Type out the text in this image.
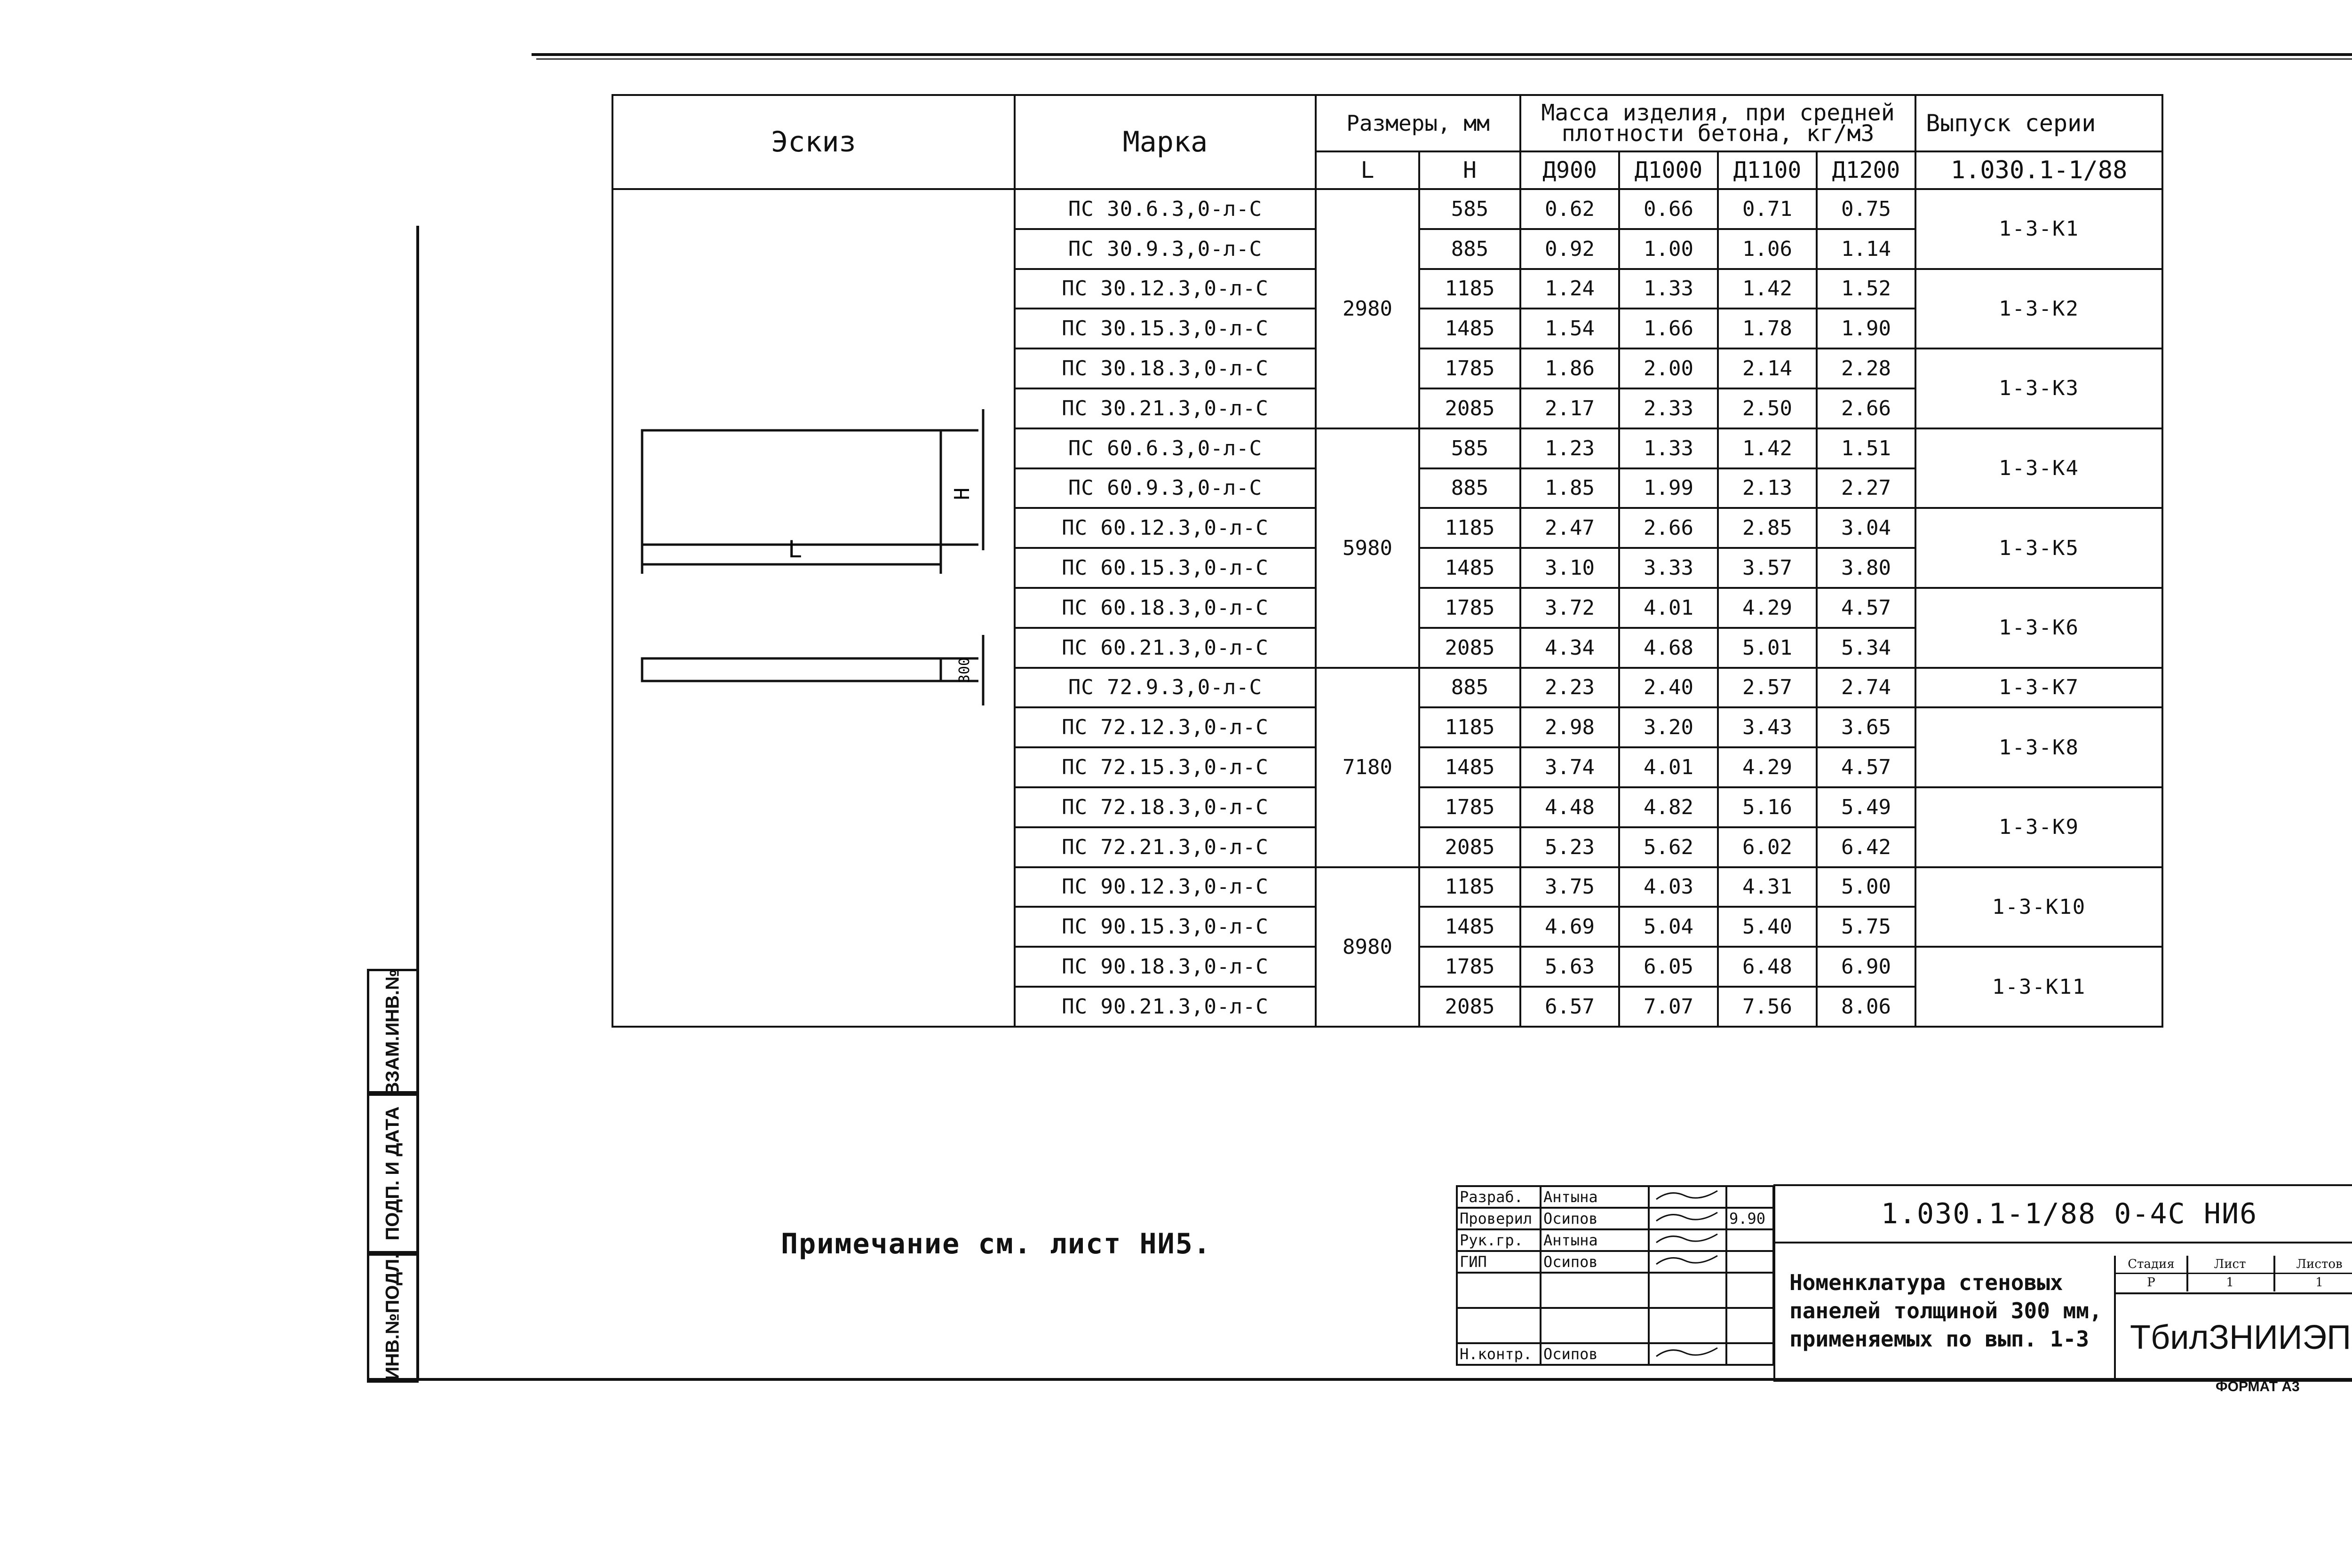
Эскиз	Марка	Размеры, мм		Масса изделия, при средней плотности бетона, кг/м3				Выпуск серии
		L	H	Д900	Д1000	Д1100	Д1200	1.030.1-1/88
	ПС 30.6.3,0-л-С	2980	585	0.62	0.66	0.71	0.75	1-3-К1
	ПС 30.9.3,0-л-С		885	0.92	1.00	1.06	1.14	
	ПС 30.12.3,0-л-С		1185	1.24	1.33	1.42	1.52	1-3-К2
	ПС 30.15.3,0-л-С		1485	1.54	1.66	1.78	1.90	
	ПС 30.18.3,0-л-С		1785	1.86	2.00	2.14	2.28	1-3-К3
	ПС 30.21.3,0-л-С		2085	2.17	2.33	2.50	2.66	
	ПС 60.6.3,0-л-С	5980	585	1.23	1.33	1.42	1.51	1-3-К4
	ПС 60.9.3,0-л-С		885	1.85	1.99	2.13	2.27	
	ПС 60.12.3,0-л-С		1185	2.47	2.66	2.85	3.04	1-3-К5
	ПС 60.15.3,0-л-С		1485	3.10	3.33	3.57	3.80	
	ПС 60.18.3,0-л-С		1785	3.72	4.01	4.29	4.57	1-3-К6
	ПС 60.21.3,0-л-С		2085	4.34	4.68	5.01	5.34	
	ПС 72.9.3,0-л-С	7180	885	2.23	2.40	2.57	2.74	1-3-К7
	ПС 72.12.3,0-л-С		1185	2.98	3.20	3.43	3.65	1-3-К8
	ПС 72.15.3,0-л-С		1485	3.74	4.01	4.29	4.57	
	ПС 72.18.3,0-л-С		1785	4.48	4.82	5.16	5.49	1-3-К9
	ПС 72.21.3,0-л-С		2085	5.23	5.62	6.02	6.42	
	ПС 90.12.3,0-л-С	8980	1185	3.75	4.03	4.31	5.00	1-3-К10
	ПС 90.15.3,0-л-С		1485	4.69	5.04	5.40	5.75	
	ПС 90.18.3,0-л-С		1785	5.63	6.05	6.48	6.90	1-3-К11
	ПС 90.21.3,0-л-С		2085	6.57	7.07	7.56	8.06	
L
H
300
Примечание см. лист НИ5.
ВЗАМ.ИНВ.№
ПОДП. И ДАТА
ИНВ.№ПОДЛ.
Разраб.	Антына		
Проверил	Осипов		9.90
Рук.гр.	Антына		
ГИП	Осипов		

Н.контр.	Осипов		
1.030.1-1/88 0-4С НИ6
Номенклатура стеновых панелей толщиной 300 мм, применяемых по вып. 1-3
Стадия
Р
Лист
1
Листов
1
ТбилЗНИИЭП
ФОРМАТ А3
